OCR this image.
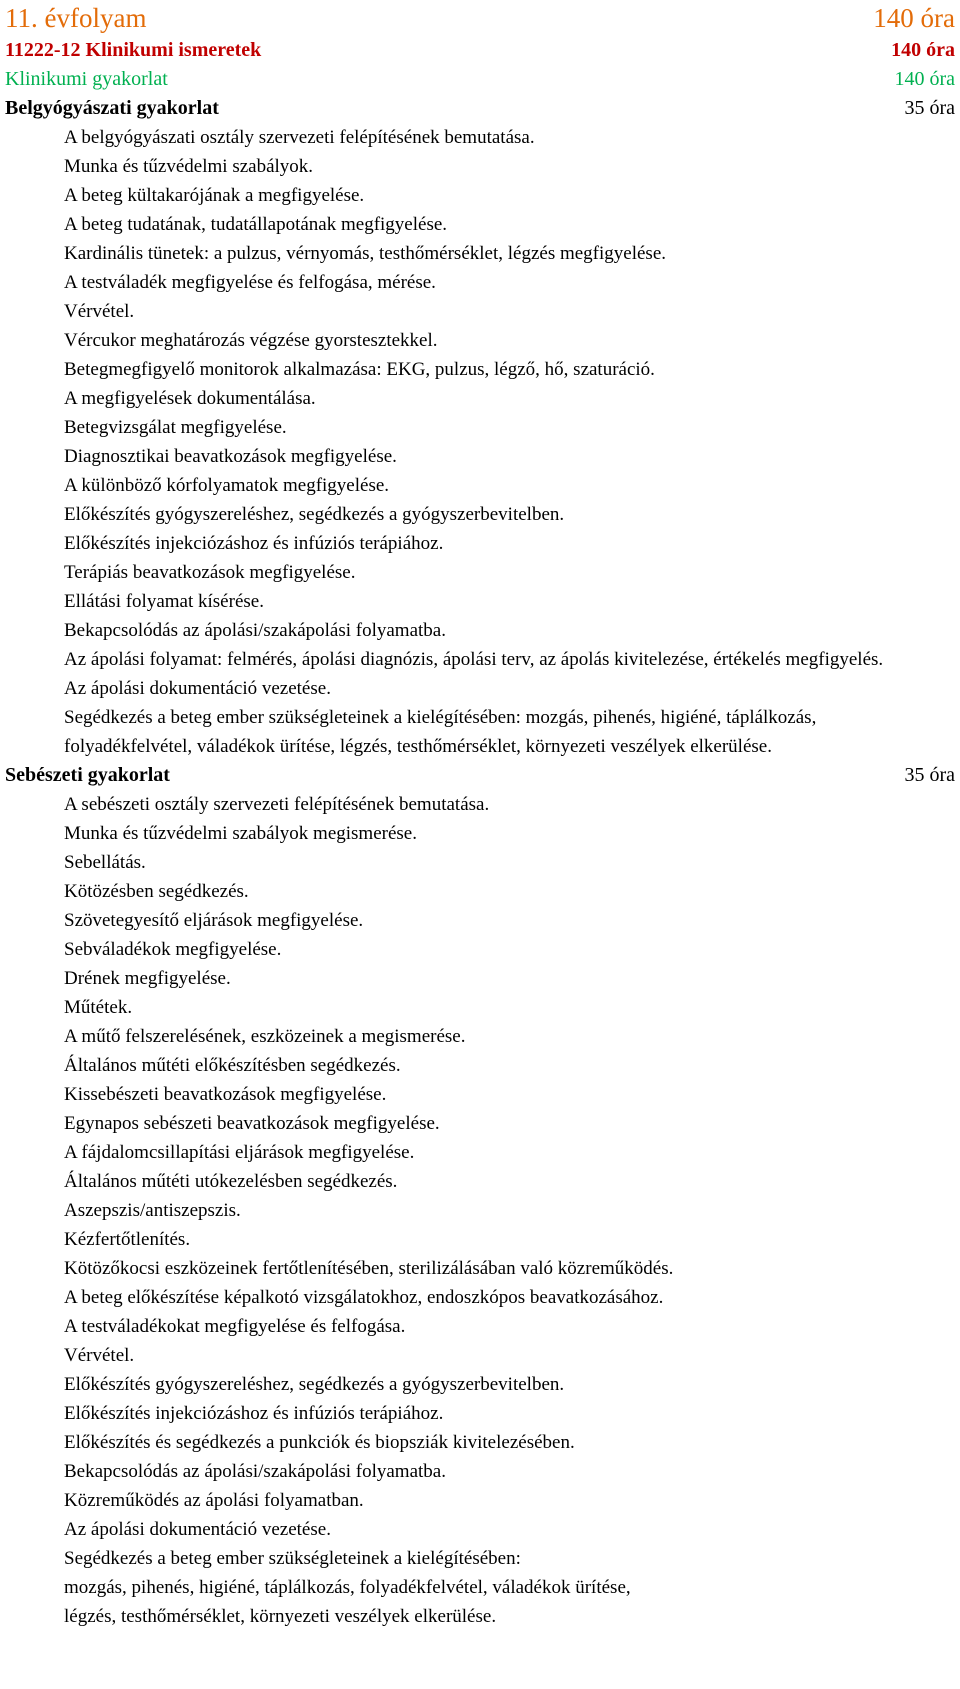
11. évfolyam	140 óra
11222-12 Klinikumi ismeretek	140 óra
Klinikumi gyakorlat	140 óra
Belgyógyászati gyakorlat	35 óra
A belgyógyászati osztály szervezeti felépítésének bemutatása.
Munka és tűzvédelmi szabályok.
A beteg kültakarójának a megfigyelése.
A beteg tudatának, tudatállapotának megfigyelése.
Kardinális tünetek: a pulzus, vérnyomás, testhőmérséklet, légzés megfigyelése.
A testváladék megfigyelése és felfogása, mérése.
Vérvétel.
Vércukor meghatározás végzése gyorstesztekkel.
Betegmegfigyelő monitorok alkalmazása: EKG, pulzus, légző, hő, szaturáció.
A megfigyelések dokumentálása.
Betegvizsgálat megfigyelése.
Diagnosztikai beavatkozások megfigyelése.
A különböző kórfolyamatok megfigyelése.
Előkészítés gyógyszereléshez, segédkezés a gyógyszerbevitelben.
Előkészítés injekciózáshoz és infúziós terápiához.
Terápiás beavatkozások megfigyelése.
Ellátási folyamat kísérése.
Bekapcsolódás az ápolási/szakápolási folyamatba.
Az ápolási folyamat: felmérés, ápolási diagnózis, ápolási terv, az ápolás kivitelezése, értékelés megfigyelés.
Az ápolási dokumentáció vezetése.
Segédkezés a beteg ember szükségleteinek a kielégítésében: mozgás, pihenés, higiéné, táplálkozás, folyadékfelvétel, váladékok ürítése, légzés, testhőmérséklet, környezeti veszélyek elkerülése.
Sebészeti gyakorlat	35 óra
A sebészeti osztály szervezeti felépítésének bemutatása.
Munka és tűzvédelmi szabályok megismerése.
Sebellátás.
Kötözésben segédkezés.
Szövetegyesítő eljárások megfigyelése.
Sebváladékok megfigyelése.
Drének megfigyelése.
Műtétek.
A műtő felszerelésének, eszközeinek a megismerése.
Általános műtéti előkészítésben segédkezés.
Kissebészeti beavatkozások megfigyelése.
Egynapos sebészeti beavatkozások megfigyelése.
A fájdalomcsillapítási eljárások megfigyelése.
Általános műtéti utókezelésben segédkezés.
Aszepszis/antiszepszis.
Kézfertőtlenítés.
Kötözőkocsi eszközeinek fertőtlenítésében, sterilizálásában való közreműködés.
A beteg előkészítése képalkotó vizsgálatokhoz, endoszkópos beavatkozásához.
A testváladékokat megfigyelése és felfogása.
Vérvétel.
Előkészítés gyógyszereléshez, segédkezés a gyógyszerbevitelben.
Előkészítés injekciózáshoz és infúziós terápiához.
Előkészítés és segédkezés a punkciók és biopsziák kivitelezésében.
Bekapcsolódás az ápolási/szakápolási folyamatba.
Közreműködés az ápolási folyamatban.
Az ápolási dokumentáció vezetése.
Segédkezés a beteg ember szükségleteinek a kielégítésében:
mozgás, pihenés, higiéné, táplálkozás, folyadékfelvétel, váladékok ürítése,
légzés, testhőmérséklet, környezeti veszélyek elkerülése.
